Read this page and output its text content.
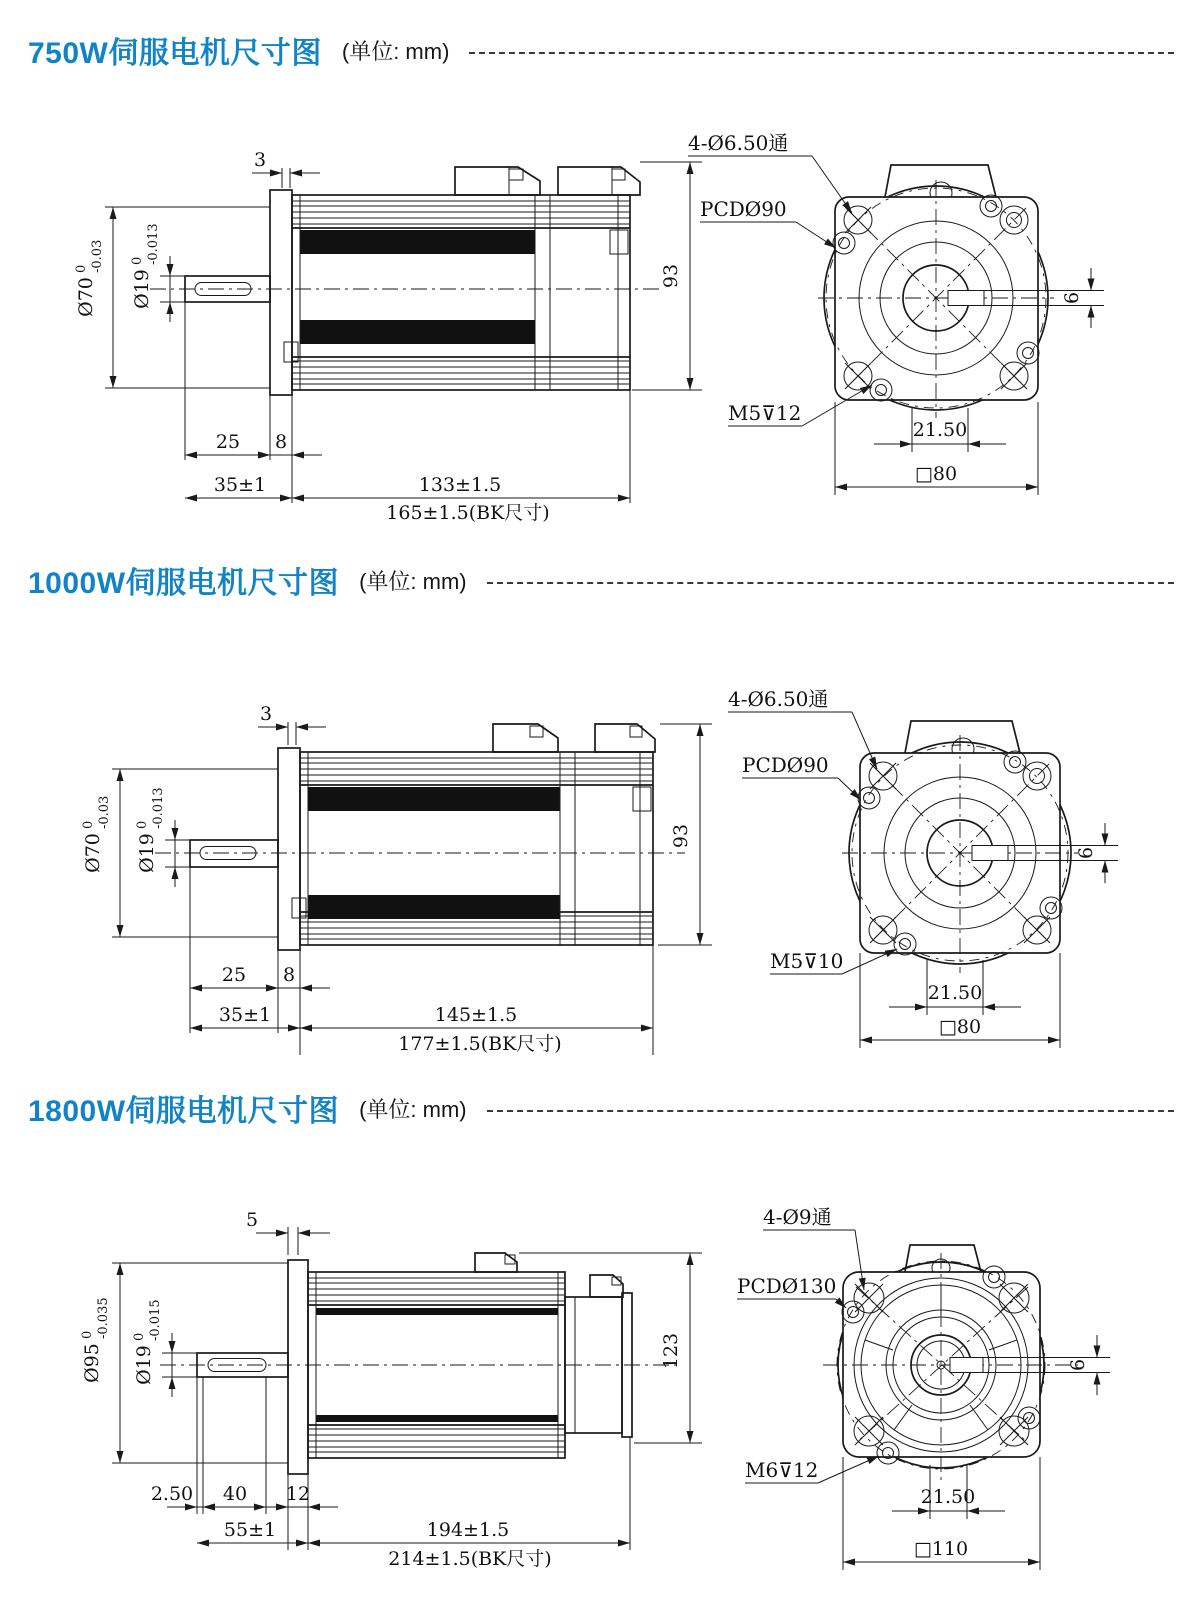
750W伺服电机尺寸图 (单位: mm)
3
Ø70
0 -0.03
Ø19
0 -0.013
93
25 8
35±1	133±1.5
165±1.5(BK尺寸)
4-Ø6.50通
PCDØ90
M5⊽12
6
21.50
□80
1000W伺服电机尺寸图 (单位: mm)
3
Ø70
0 -0.03
Ø19
0 -0.013
93
25 8
35±1	145±1.5
177±1.5(BK尺寸)
4-Ø6.50通
PCDØ90
M5⊽10
6
21.50
□80
1800W伺服电机尺寸图 (单位: mm)
5
Ø95
0 -0.035
Ø19
0 -0.015
123
2.50 40 12
55±1	194±1.5
214±1.5(BK尺寸)
4-Ø9通
PCDØ130
M6⊽12
6
21.50
□110
